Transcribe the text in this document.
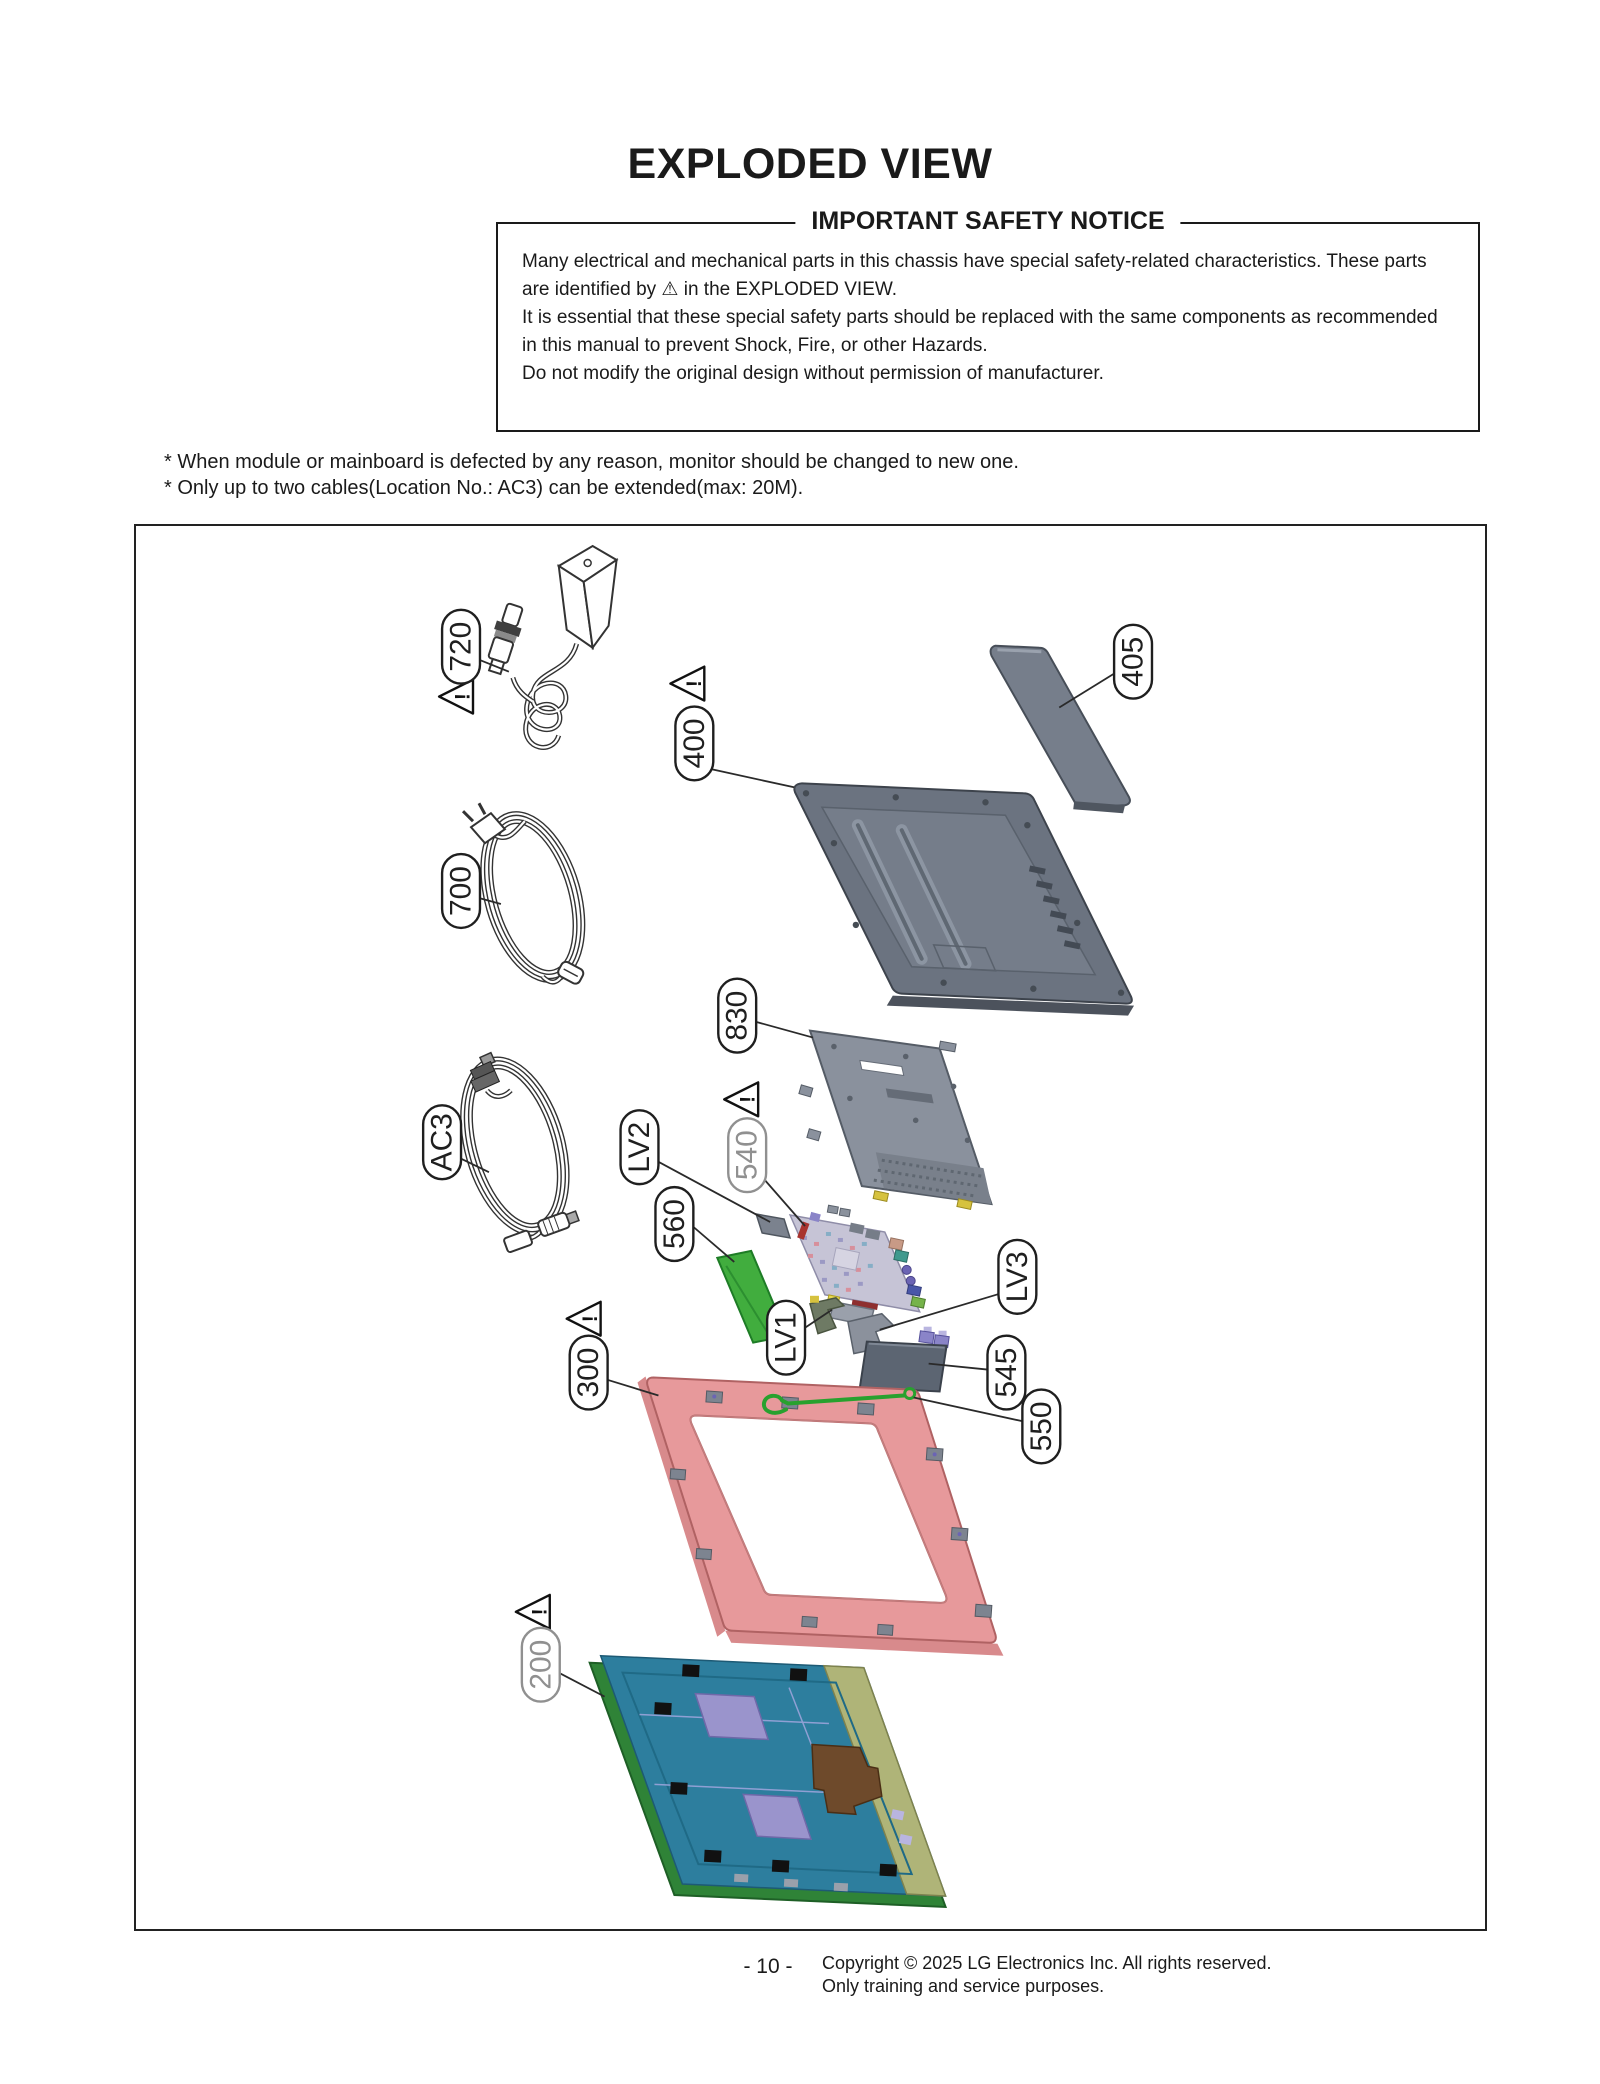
EXPLODED VIEW
IMPORTANT SAFETY NOTICE
Many electrical and mechanical parts in this chassis have special safety-related characteristics. These parts
are identified by ⚠ in the EXPLODED VIEW.
It is essential that these special safety parts should be replaced with the same components as recommended
in this manual to prevent Shock, Fire, or other Hazards.
Do not modify the original design without permission of manufacturer.
* When module or mainboard is defected by any reason, monitor should be changed to new one.
* Only up to two cables(Location No.: AC3) can be extended(max: 20M).
!
720
!
400
405
700
830
AC3	LV2
!
540
560
LV1
LV3
!
300	545
550
!
200
- 10 -	Copyright © 2025 LG Electronics Inc. All rights reserved.
Only training and service purposes.
